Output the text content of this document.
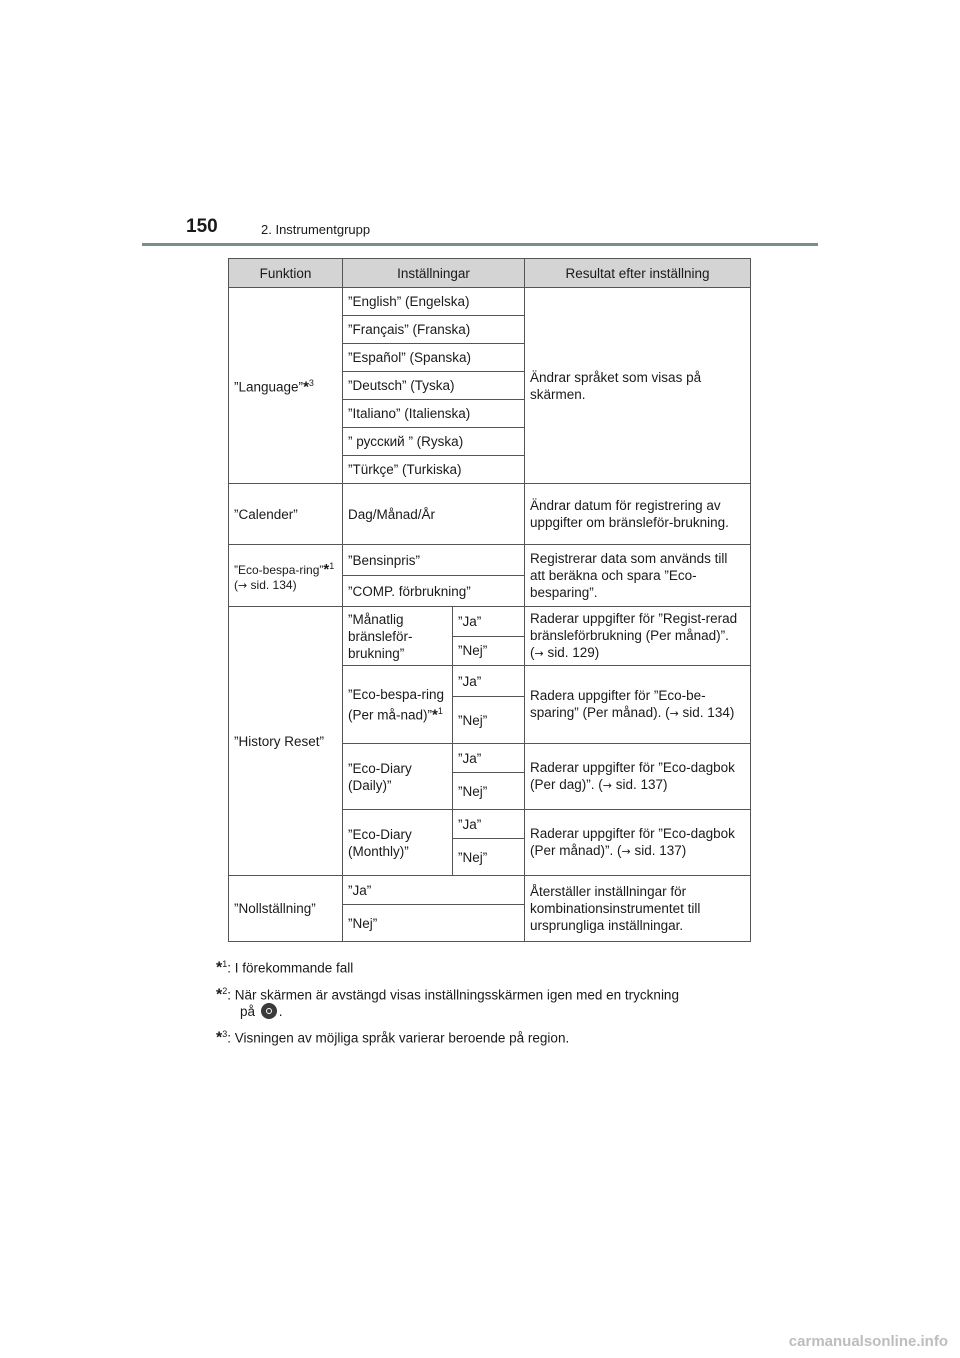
150	2. Instrumentgrupp
Funktion	Inställningar		Resultat efter inställning
”Language”*$^3$	”English” (Engelska)		Ändrar språket som visas på skärmen.
	”Français” (Franska)		
	”Español” (Spanska)		
	”Deutsch” (Tyska)		
	”Italiano” (Italienska)		
	” русский ” (Ryska)		
	”Türkçe” (Turkiska)		
”Calender”	Dag/Månad/År		Ändrar datum för registrering av uppgifter om bränsleför-brukning.
”Eco-bespa-ring”*$^1$
(→ sid. 134)	”Bensinpris”		Registrerar data som används till att beräkna och spara ”Eco-besparing”.
	”COMP. förbrukning”		
”History Reset”	”Månatlig bränsleför-brukning”	”Ja”	Raderar uppgifter för ”Regist-rerad bränsleförbrukning (Per månad)”. (→ sid. 129)
		”Nej”	
	”Eco-bespa-ring (Per må-nad)”*$^1$	”Ja”	Radera uppgifter för ”Eco-be-sparing” (Per månad). (→ sid. 134)
		”Nej”	
	”Eco-Diary (Daily)”	”Ja”	Raderar uppgifter för ”Eco-dagbok (Per dag)”. (→ sid. 137)
		”Nej”	
	”Eco-Diary (Monthly)”	”Ja”	Raderar uppgifter för ”Eco-dagbok (Per månad)”. (→ sid. 137)
		”Nej”	
”Nollställning”	”Ja”		Återställer inställningar för kombinationsinstrumentet till ursprungliga inställningar.
	”Nej”		
*$^1$: I förekommande fall
*$^2$: När skärmen är avstängd visas inställningsskärmen igen med en tryckning
på .
*$^3$: Visningen av möjliga språk varierar beroende på region.
carmanualsonline.info
